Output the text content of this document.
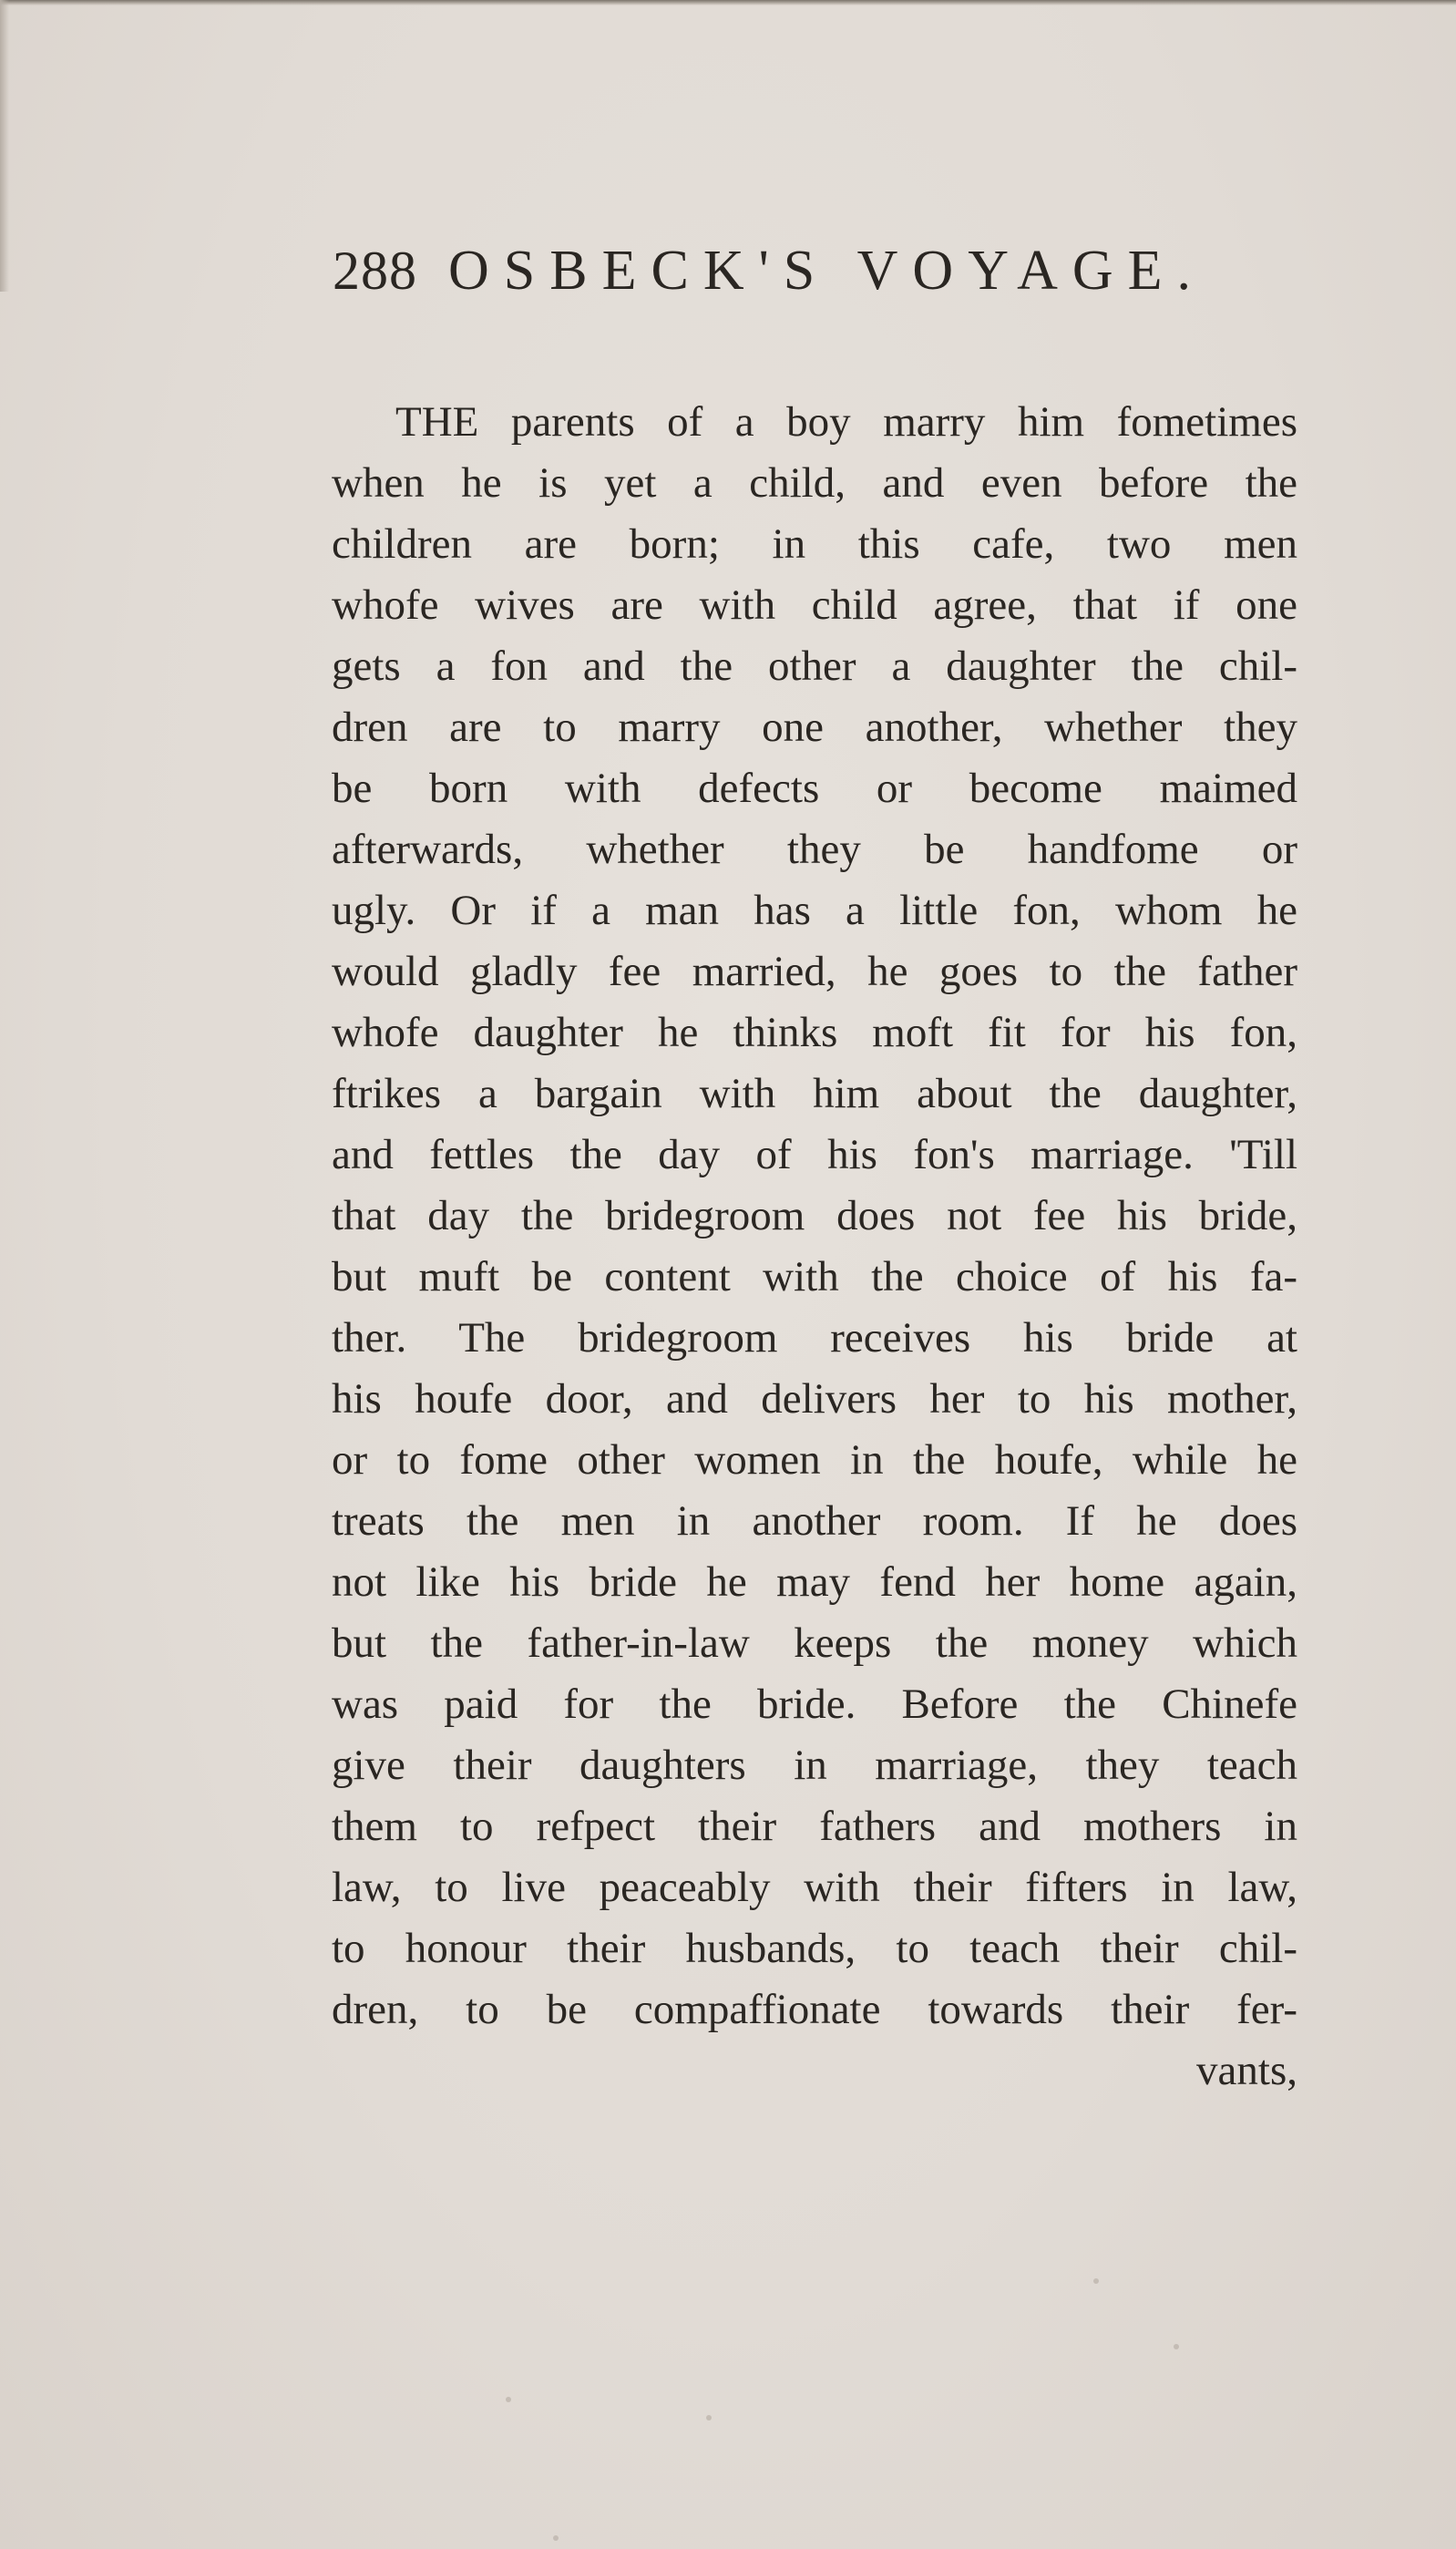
288 OSBECK'S VOYAGE.
THE parents of a boy marry him fometimes
when he is yet a child, and even before the
children are born; in this cafe, two men
whofe wives are with child agree, that if one
gets a fon and the other a daughter the chil-
dren are to marry one another, whether they
be born with defects or become maimed
afterwards, whether they be handfome or
ugly. Or if a man has a little fon, whom he
would gladly fee married, he goes to the father
whofe daughter he thinks moft fit for his fon,
ftrikes a bargain with him about the daughter,
and fettles the day of his fon's marriage. 'Till
that day the bridegroom does not fee his bride,
but muft be content with the choice of his fa-
ther. The bridegroom receives his bride at
his houfe door, and delivers her to his mother,
or to fome other women in the houfe, while he
treats the men in another room. If he does
not like his bride he may fend her home again,
but the father-in-law keeps the money which
was paid for the bride. Before the Chinefe
give their daughters in marriage, they teach
them to refpect their fathers and mothers in
law, to live peaceably with their fifters in law,
to honour their husbands, to teach their chil-
dren, to be compaffionate towards their fer-
vants,
